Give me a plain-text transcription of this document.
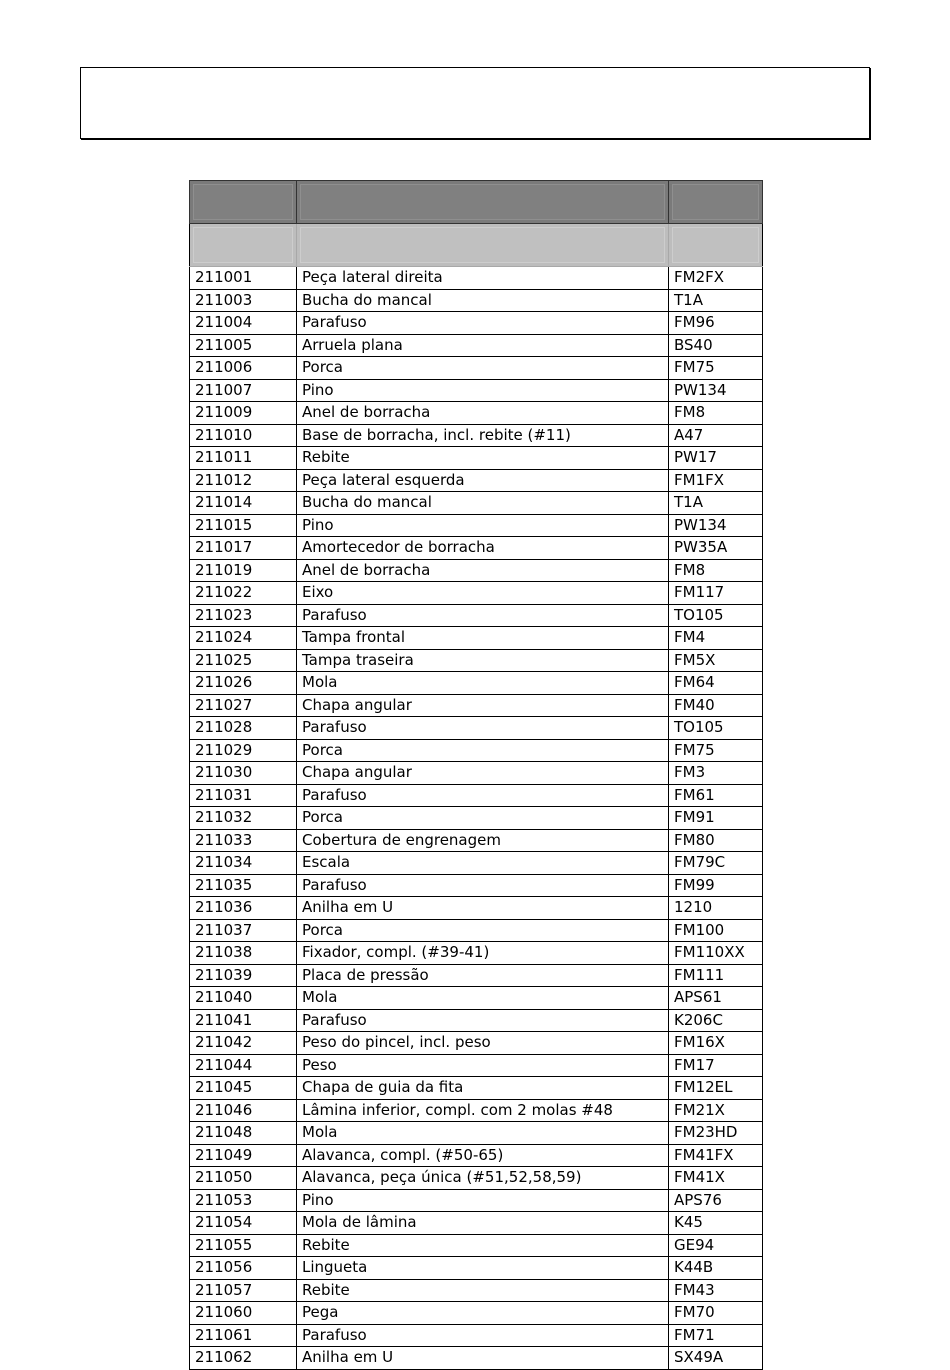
211001	Peça lateral direita	FM2FX
211003	Bucha do mancal	T1A
211004	Parafuso	FM96
211005	Arruela plana	BS40
211006	Porca	FM75
211007	Pino	PW134
211009	Anel de borracha	FM8
211010	Base de borracha, incl. rebite (#11)	A47
211011	Rebite	PW17
211012	Peça lateral esquerda	FM1FX
211014	Bucha do mancal	T1A
211015	Pino	PW134
211017	Amortecedor de borracha	PW35A
211019	Anel de borracha	FM8
211022	Eixo	FM117
211023	Parafuso	TO105
211024	Tampa frontal	FM4
211025	Tampa traseira	FM5X
211026	Mola	FM64
211027	Chapa angular	FM40
211028	Parafuso	TO105
211029	Porca	FM75
211030	Chapa angular	FM3
211031	Parafuso	FM61
211032	Porca	FM91
211033	Cobertura de engrenagem	FM80
211034	Escala	FM79C
211035	Parafuso	FM99
211036	Anilha em U	1210
211037	Porca	FM100
211038	Fixador, compl. (#39-41)	FM110XX
211039	Placa de pressão	FM111
211040	Mola	APS61
211041	Parafuso	K206C
211042	Peso do pincel, incl. peso	FM16X
211044	Peso	FM17
211045	Chapa de guia da fita	FM12EL
211046	Lâmina inferior, compl. com 2 molas #48	FM21X
211048	Mola	FM23HD
211049	Alavanca, compl. (#50-65)	FM41FX
211050	Alavanca, peça única (#51,52,58,59)	FM41X
211053	Pino	APS76
211054	Mola de lâmina	K45
211055	Rebite	GE94
211056	Lingueta	K44B
211057	Rebite	FM43
211060	Pega	FM70
211061	Parafuso	FM71
211062	Anilha em U	SX49A
